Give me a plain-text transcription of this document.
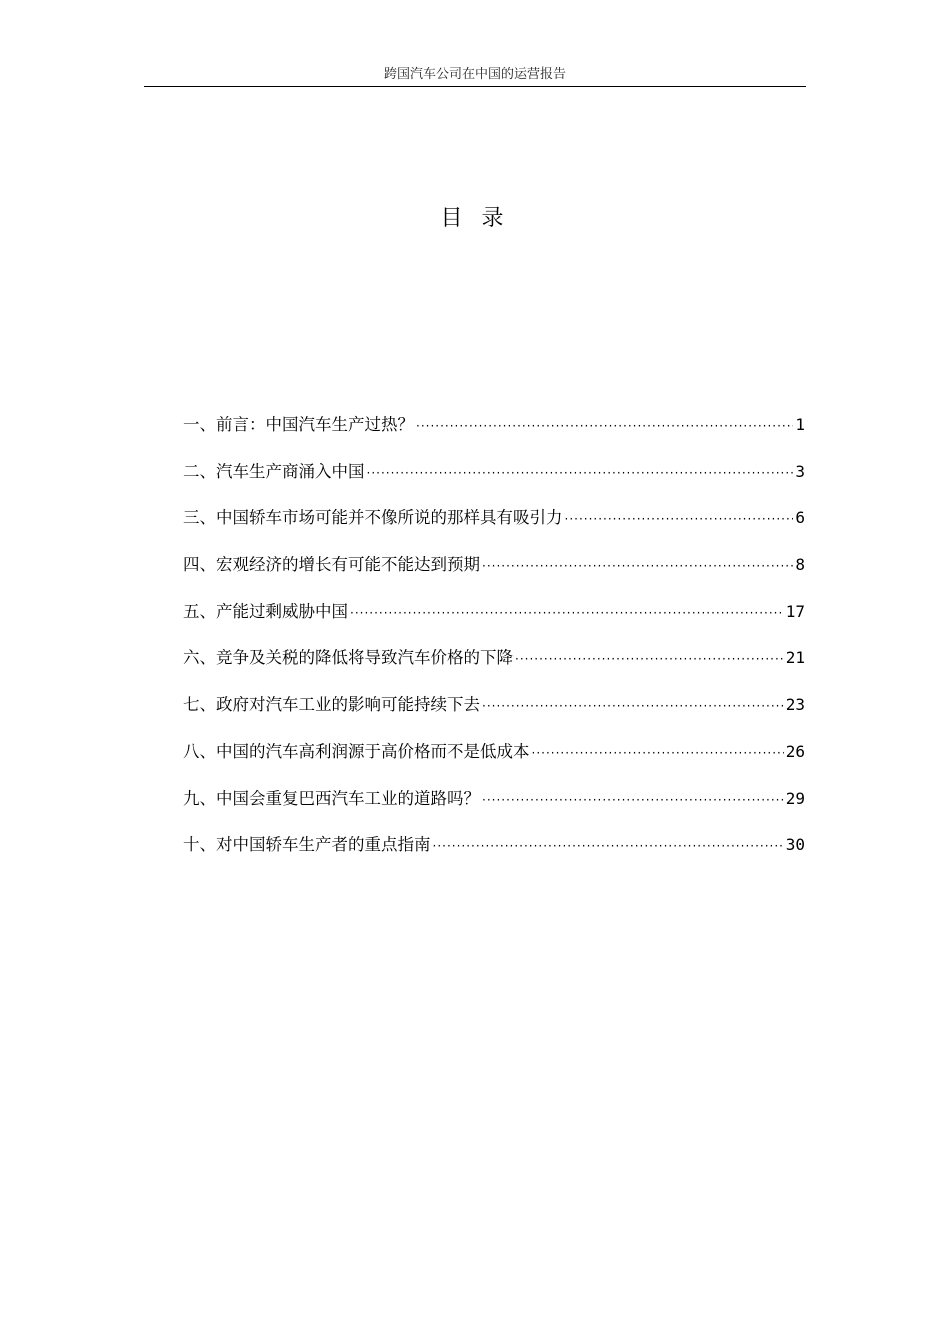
跨国汽车公司在中国的运营报告
目 录
一、前言：中国汽车生产过热？ ·····	1
二、汽车生产商涌入中国 ·····	3
三、中国轿车市场可能并不像所说的那样具有吸引力 ·····	6
四、宏观经济的增长有可能不能达到预期 ·····	8
五、产能过剩威胁中国 ·····	17
六、竞争及关税的降低将导致汽车价格的下降 ·····	21
七、政府对汽车工业的影响可能持续下去 ·····	23
八、中国的汽车高利润源于高价格而不是低成本 ·····	26
九、中国会重复巴西汽车工业的道路吗？ ·····	29
十、对中国轿车生产者的重点指南 ·····	30
